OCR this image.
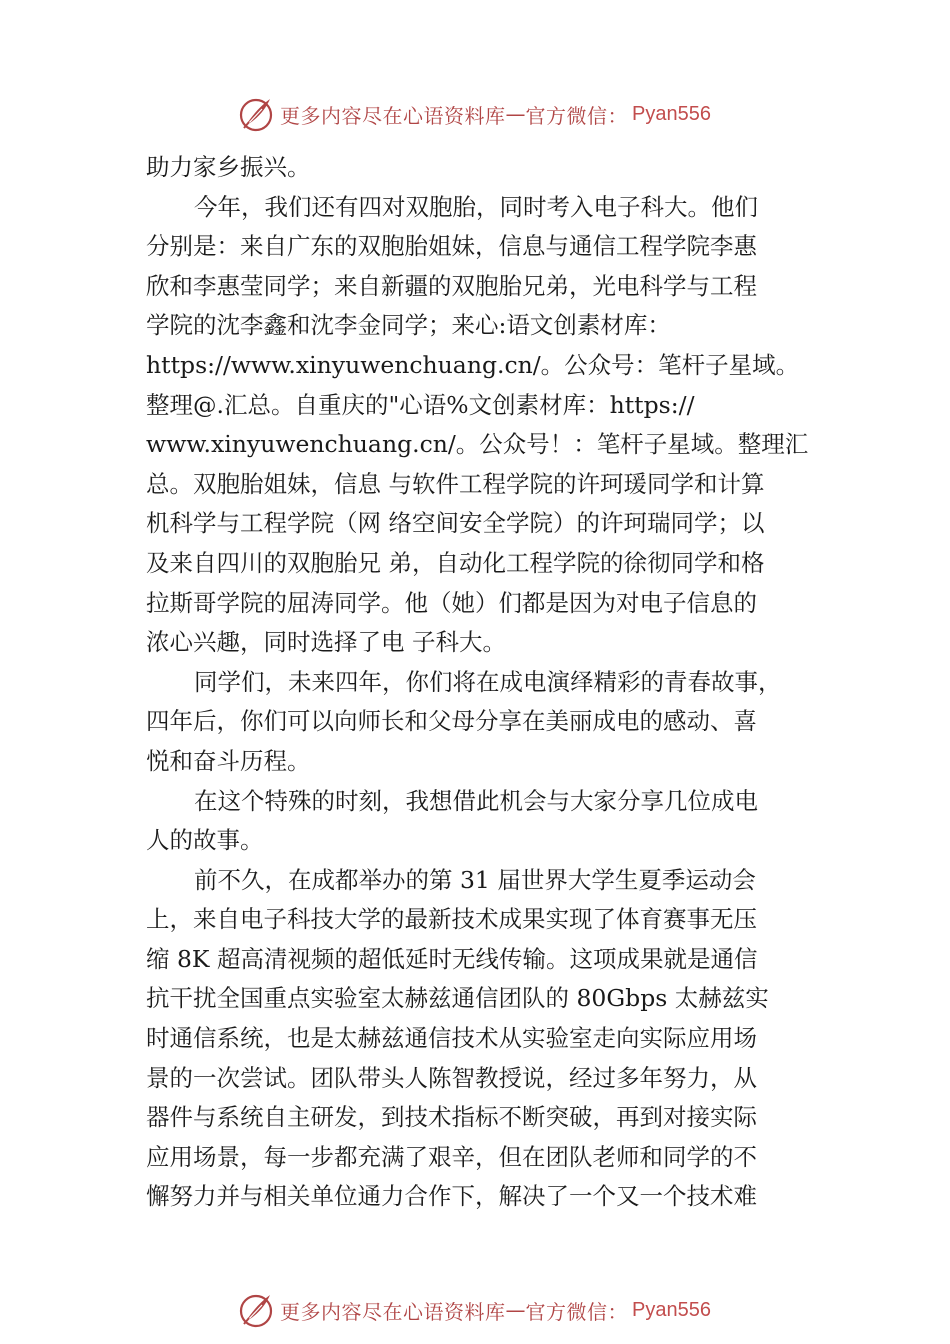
更多内容尽在心语资料库 — 官方微信： Pyan556
助力家乡振兴。
今年，我们还有四对双胞胎，同时考入电子科大。他们
分别是：来自广东的双胞胎姐妹，信息与通信工程学院李惠
欣和李惠莹同学；来自新疆的双胞胎兄弟，光电科学与工程
学院的沈李鑫和沈李金同学；来心:语文创素材库：
https://www.xinyuwenchuang.cn/。公众号：笔杆子星域。
整理@.汇总。自重庆的"心语%文创素材库：https://
www.xinyuwenchuang.cn/。公众号！：笔杆子星域。整理汇
总。双胞胎姐妹，信息 与软件工程学院的许珂瑗同学和计算
机科学与工程学院（网 络空间安全学院）的许珂瑞同学；以
及来自四川的双胞胎兄 弟，自动化工程学院的徐彻同学和格
拉斯哥学院的屈涛同学。他（她）们都是因为对电子信息的
浓心兴趣，同时选择了电 子科大。
同学们，未来四年，你们将在成电演绎精彩的青春故事，
四年后，你们可以向师长和父母分享在美丽成电的感动、喜
悦和奋斗历程。
在这个特殊的时刻，我想借此机会与大家分享几位成电
人的故事。
前不久，在成都举办的第 31 届世界大学生夏季运动会
上，来自电子科技大学的最新技术成果实现了体育赛事无压
缩 8K 超高清视频的超低延时无线传输。这项成果就是通信
抗干扰全国重点实验室太赫兹通信团队的 80Gbps 太赫兹实
时通信系统，也是太赫兹通信技术从实验室走向实际应用场
景的一次尝试。团队带头人陈智教授说，经过多年努力，从
器件与系统自主研发，到技术指标不断突破，再到对接实际
应用场景，每一步都充满了艰辛，但在团队老师和同学的不
懈努力并与相关单位通力合作下，解决了一个又一个技术难
更多内容尽在心语资料库 — 官方微信： Pyan556
